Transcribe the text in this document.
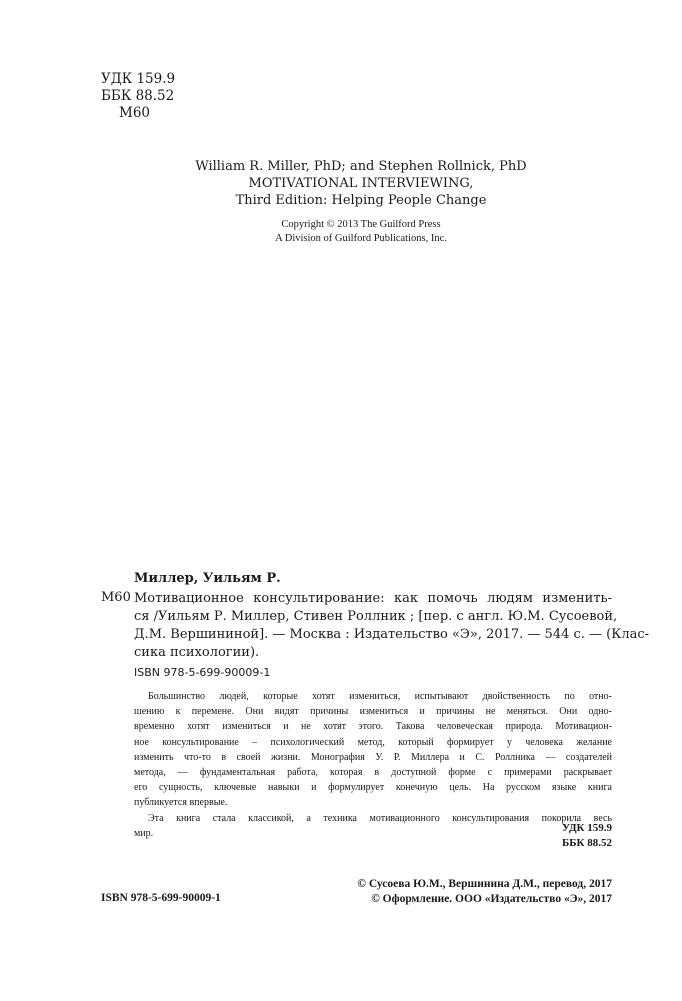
УДК 159.9
ББК 88.52
М60
William R. Miller, PhD; and Stephen Rollnick, PhD
MOTIVATIONAL INTERVIEWING,
Third Edition: Helping People Change
Copyright © 2013 The Guilford Press
A Division of Guilford Publications, Inc.
Миллер, Уильям Р.
М60 Мотивационное консультирование: как помочь людям изменить-
ся /Уильям Р. Миллер, Стивен Роллник ; [пер. с англ. Ю.М. Сусоевой,
Д.М. Вершининой]. — Москва : Издательство «Э», 2017. — 544 с. — (Клас-
сика психологии).
ISBN 978-5-699-90009-1
Большинство людей, которые хотят измениться, испытывают двойственность по отно-
шению к перемене. Они видят причины измениться и причины не меняться. Они одно-
временно хотят измениться и не хотят этого. Такова человеческая природа. Мотивацион-
ное консультирование – психологический метод, который формирует у человека желание
изменить что-то в своей жизни. Монография У. Р. Миллера и С. Роллника — создателей
метода, — фундаментальная работа, которая в доступной форме с примерами раскрывает
его сущность, ключевые навыки и формулирует конечную цель. На русском языке книга
публикуется впервые.
Эта книга стала классикой, а техника мотивационного консультирования покорила весь
мир.	УДК 159.9
ББК 88.52
ISBN 978-5-699-90009-1
© Сусоева Ю.М., Вершинина Д.М., перевод, 2017
© Оформление. ООО «Издательство «Э», 2017
